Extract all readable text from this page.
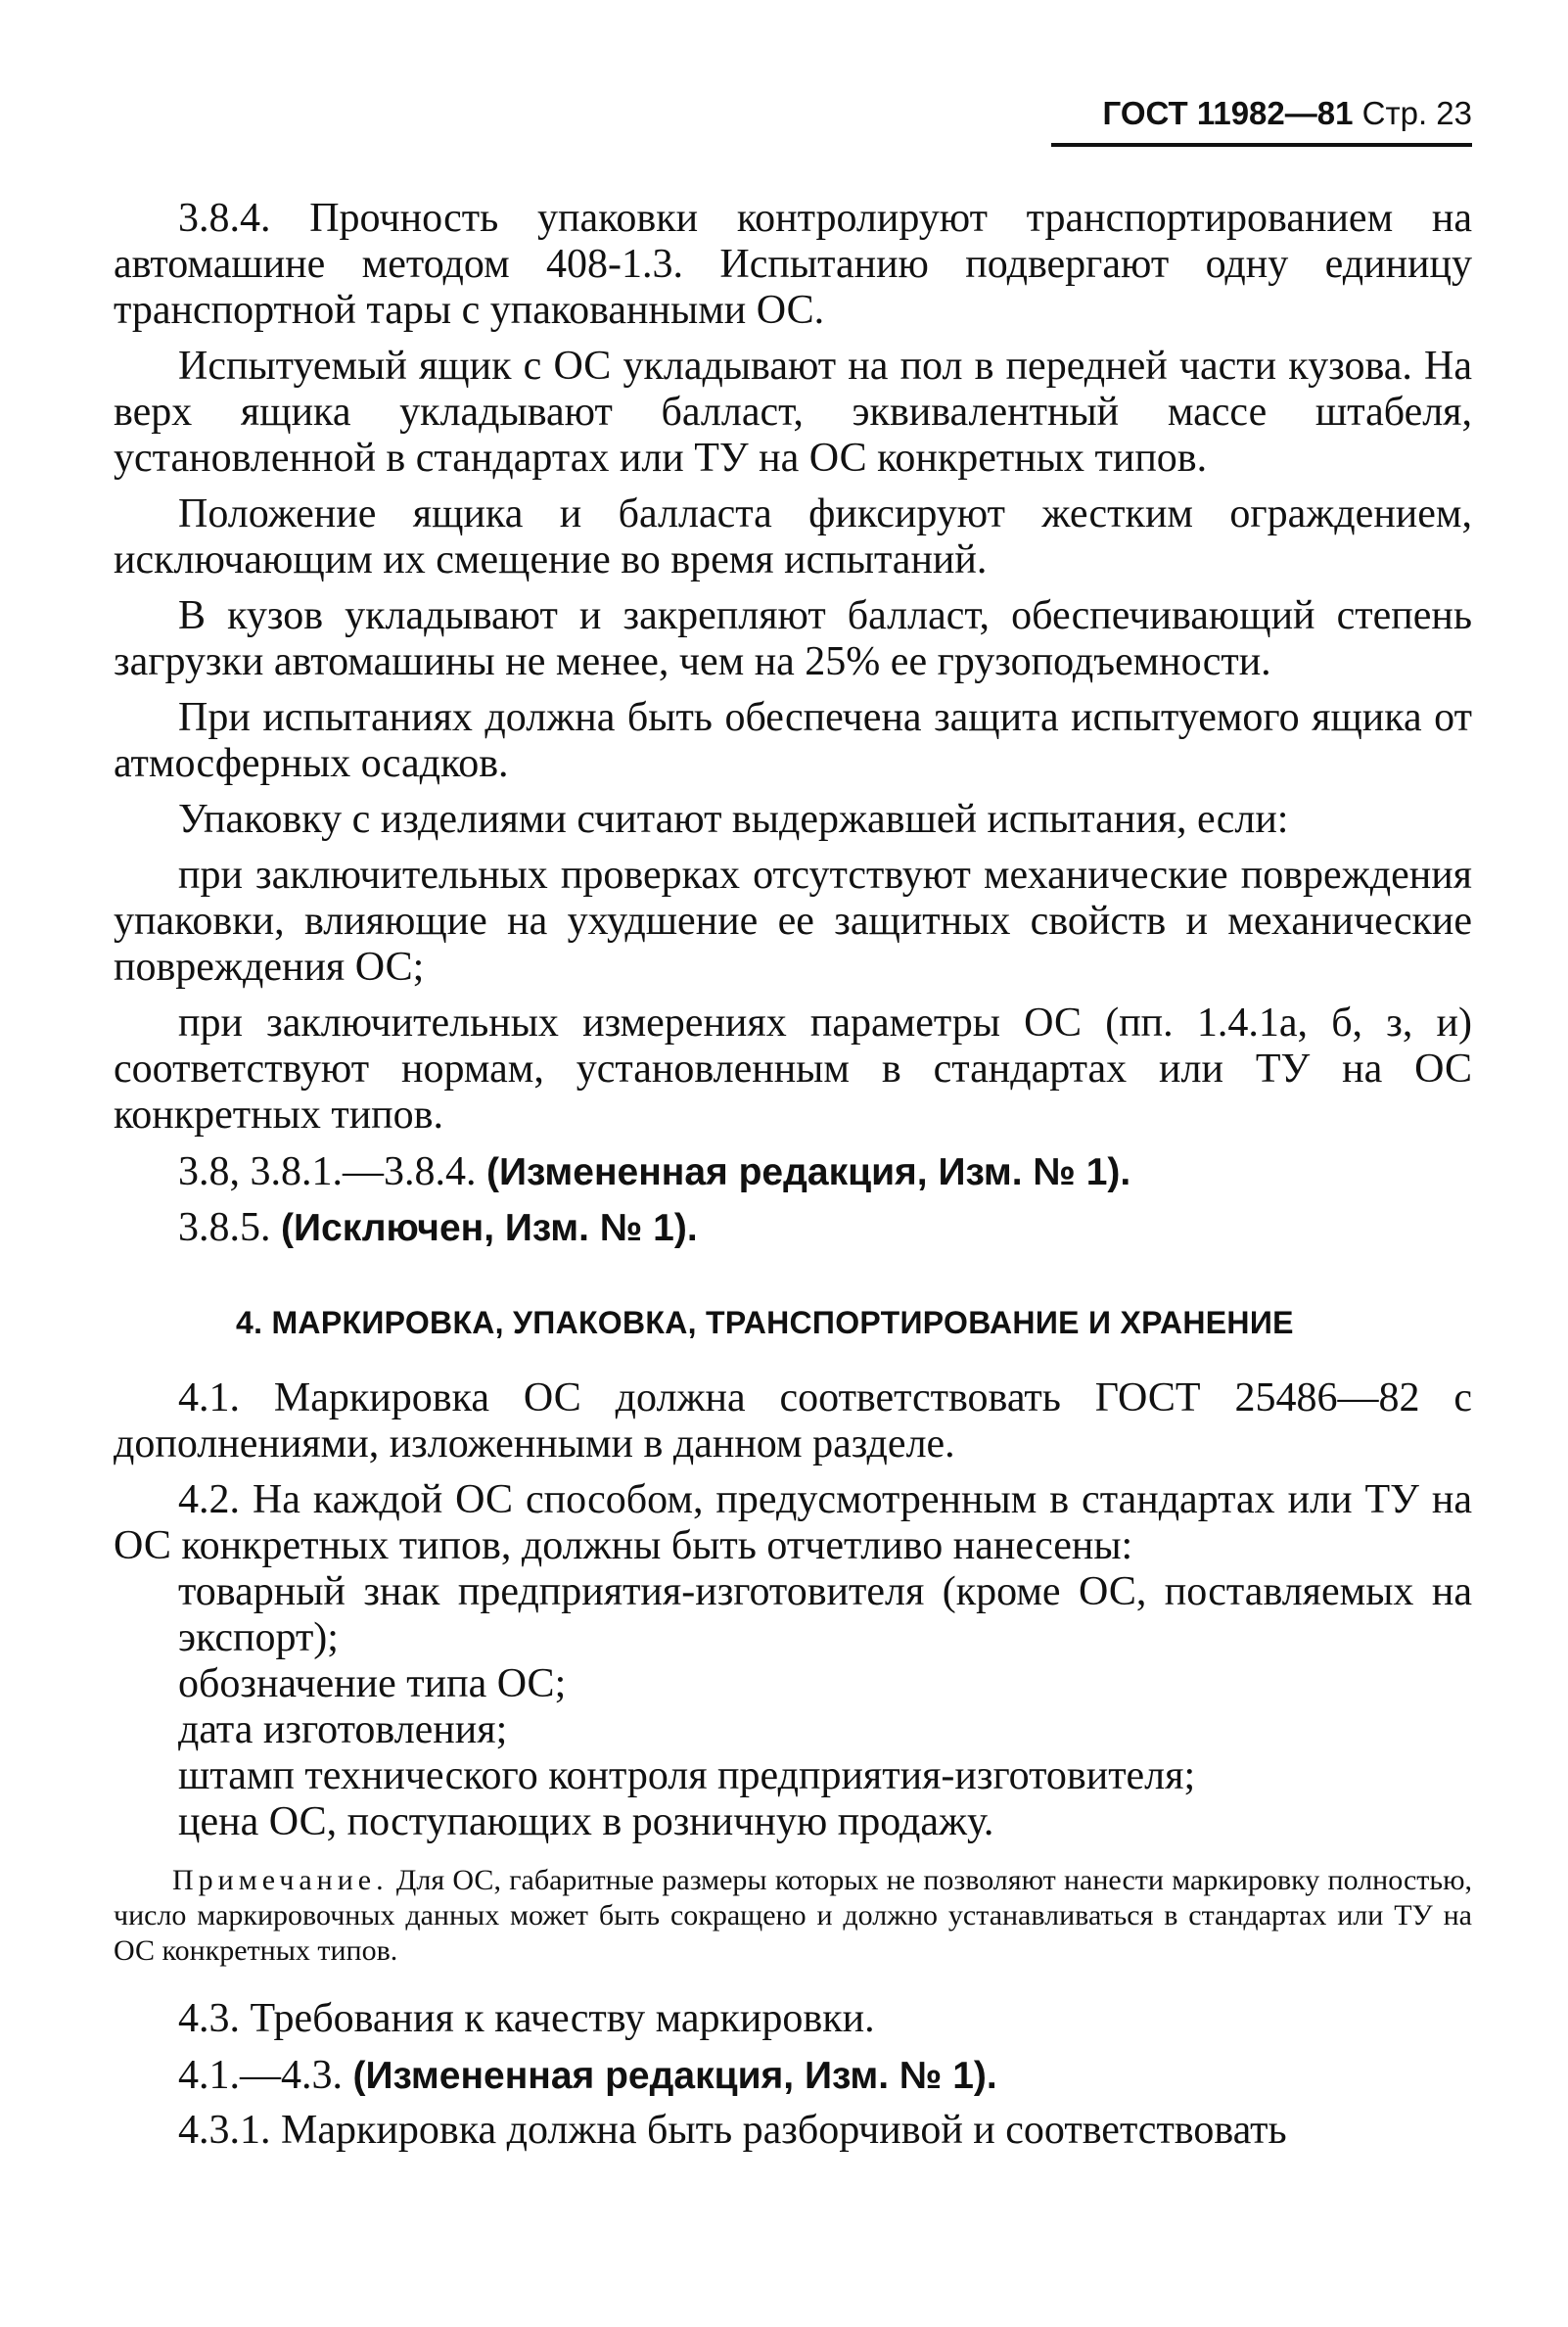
ГОСТ 11982—81 Стр. 23

3.8.4. Прочность упаковки контролируют транспортированием на автомашине методом 408-1.3. Испытанию подвергают одну единицу транспортной тары с упакованными ОС.

Испытуемый ящик с ОС укладывают на пол в передней части кузова. На верх ящика укладывают балласт, эквивалентный массе штабеля, установленной в стандартах или ТУ на ОС конкретных типов.

Положение ящика и балласта фиксируют жестким ограждением, исключающим их смещение во время испытаний.

В кузов укладывают и закрепляют балласт, обеспечивающий степень загрузки автомашины не менее, чем на 25% ее грузоподъемности.

При испытаниях должна быть обеспечена защита испытуемого ящика от атмосферных осадков.

Упаковку с изделиями считают выдержавшей испытания, если:

при заключительных проверках отсутствуют механические повреждения упаковки, влияющие на ухудшение ее защитных свойств и механические повреждения ОС;

при заключительных измерениях параметры ОС (пп. 1.4.1а, б, з, и) соответствуют нормам, установленным в стандартах или ТУ на ОС конкретных типов.

3.8, 3.8.1.—3.8.4. (Измененная редакция, Изм. № 1).
3.8.5. (Исключен, Изм. № 1).
4. МАРКИРОВКА, УПАКОВКА, ТРАНСПОРТИРОВАНИЕ И ХРАНЕНИЕ

4.1. Маркировка ОС должна соответствовать ГОСТ 25486—82 с дополнениями, изложенными в данном разделе.

4.2. На каждой ОС способом, предусмотренным в стандартах или ТУ на ОС конкретных типов, должны быть отчетливо нанесены:

товарный знак предприятия-изготовителя (кроме ОС, поставляемых на экспорт);

обозначение типа ОС;

дата изготовления;

штамп технического контроля предприятия-изготовителя;

цена ОС, поступающих в розничную продажу.

Примечание. Для ОС, габаритные размеры которых не позволяют нанести маркировку полностью, число маркировочных данных может быть сокращено и должно устанавливаться в стандартах или ТУ на ОС конкретных типов.

4.3. Требования к качеству маркировки.

4.1.—4.3. (Измененная редакция, Изм. № 1).

4.3.1. Маркировка должна быть разборчивой и соответствовать
